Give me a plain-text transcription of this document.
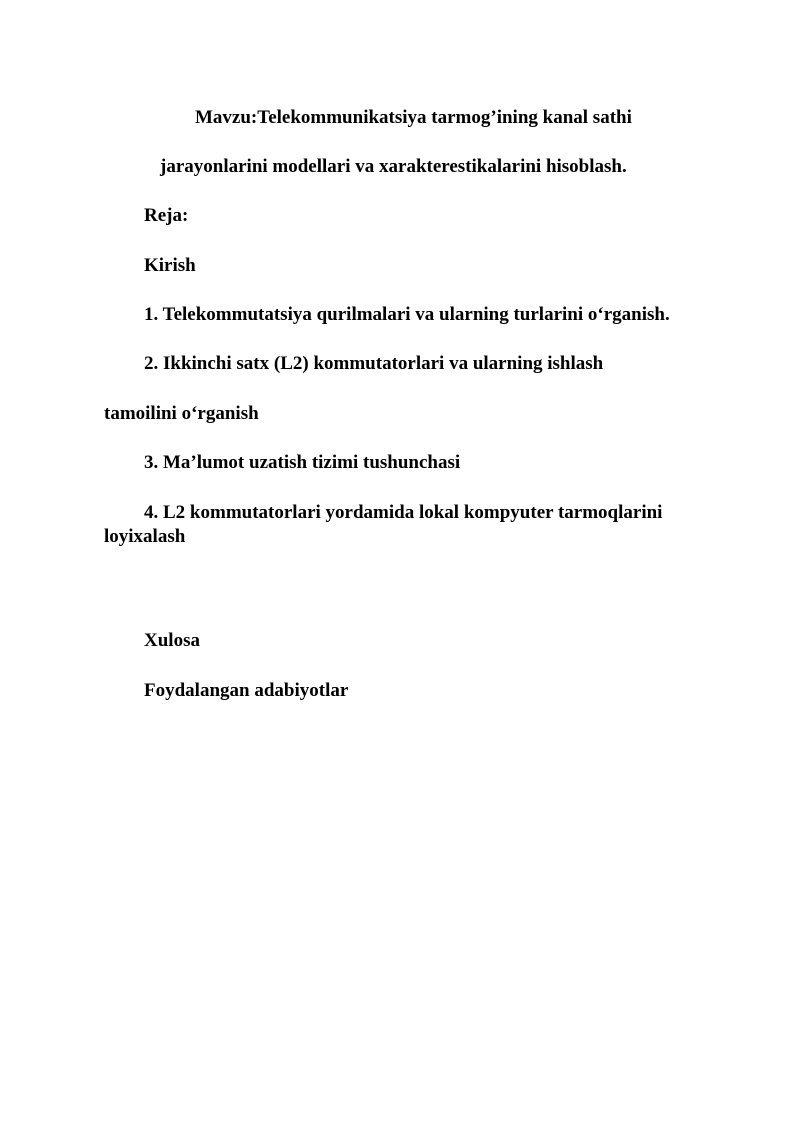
Mavzu:Telekommunikatsiya tarmog’ining kanal sathi

jarayonlarini modellari va xarakterestikalarini hisoblash.

Reja:

Kirish

1. Telekommutatsiya qurilmalari va ularning turlarini o‘rganish.

2. Ikkinchi satx (L2) kommutatorlari va ularning ishlash

tamoilini o‘rganish

3. Ma’lumot uzatish tizimi tushunchasi

4. L2 kommutatorlari yordamida lokal kompyuter tarmoqlarini

loyixalash

Xulosa

Foydalangan adabiyotlar
